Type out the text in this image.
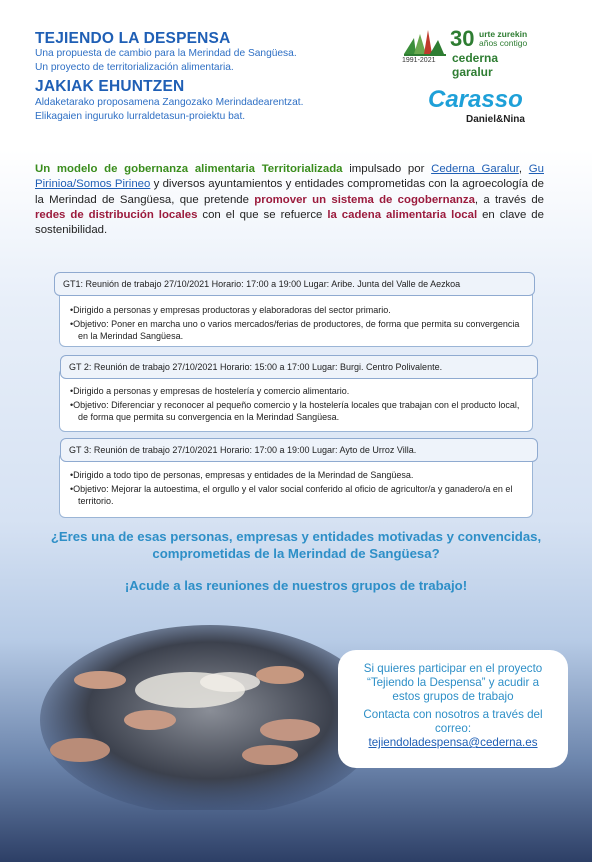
TEJIENDO LA DESPENSA
Una propuesta de cambio para la Merindad de Sangüesa.
Un proyecto de territorialización alimentaria.
JAKIAK EHUNTZEN
Aldaketarako proposamena Zangozako Merindadearentzat.
Elikagaien inguruko lurraldetasun-proiektu bat.
30 urte zurekin
años contigo
1991-2021 cederna garalur
Carasso
Daniel&Nina
Un modelo de gobernanza alimentaria Territorializada impulsado por Cederna Garalur, Gu Pirinioa/Somos Pirineo y diversos ayuntamientos y entidades comprometidas con la agroecología de la Merindad de Sangüesa, que pretende promover un sistema de cogobernanza, a través de redes de distribución locales con el que se refuerce la cadena alimentaria local en clave de sostenibilidad.
•Dirigido a personas y empresas productoras y elaboradoras del sector primario.
•Objetivo: Poner en marcha uno o varios mercados/ferias de productores, de forma que permita su convergencia en la Merindad Sangüesa.
GT1: Reunión de trabajo 27/10/2021 Horario: 17:00 a 19:00 Lugar: Aribe. Junta del Valle de Aezkoa
•Dirigido a personas y empresas de hostelería y comercio alimentario.
•Objetivo: Diferenciar y reconocer al pequeño comercio y la hostelería locales que trabajan con el producto local, de forma que permita su convergencia en la Merindad Sangüesa.
GT 2: Reunión de trabajo 27/10/2021 Horario: 15:00 a 17:00 Lugar: Burgi. Centro Polivalente.
•Dirigido a todo tipo de personas, empresas y entidades de la Merindad de Sangüesa.
•Objetivo: Mejorar la autoestima, el orgullo y el valor social conferido al oficio de agricultor/a y ganadero/a en el territorio.
GT 3: Reunión de trabajo 27/10/2021 Horario: 17:00 a 19:00 Lugar: Ayto de Urroz Villa.
¿Eres una de esas personas, empresas y entidades motivadas y convencidas, comprometidas de la Merindad de Sangüesa?
¡Acude a las reuniones de nuestros grupos de trabajo!
Si quieres participar en el proyecto “Tejiendo la Despensa” y acudir a estos grupos de trabajo
Contacta con nosotros a través del correo:
tejiendoladespensa@cederna.es
